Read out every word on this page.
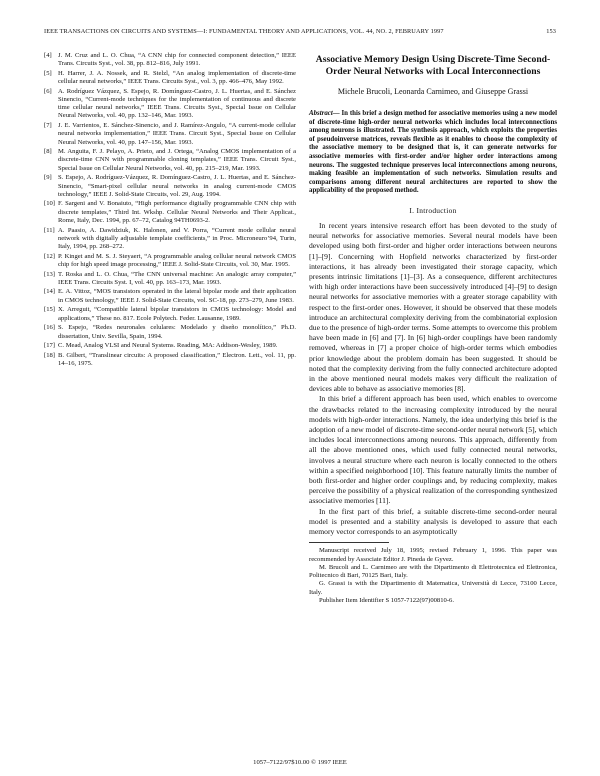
IEEE TRANSACTIONS ON CIRCUITS AND SYSTEMS—I: FUNDAMENTAL THEORY AND APPLICATIONS, VOL. 44, NO. 2, FEBRUARY 1997	153
[4] J. M. Cruz and L. O. Chua, “A CNN chip for connected component detection,” IEEE Trans. Circuits Syst., vol. 38, pp. 812–816, July 1991.
[5] H. Harrer, J. A. Nossek, and R. Stelzl, “An analog implementation of discrete-time cellular neural networks,” IEEE Trans. Circuits Syst., vol. 3, pp. 466–476, May 1992.
[6] A. Rodríguez Vázquez, S. Espejo, R. Domínguez-Castro, J. L. Huertas, and E. Sánchez Sinencio, “Current-mode techniques for the implementation of continuous and discrete time cellular neural networks,” IEEE Trans. Circuits Syst., Special Issue on Cellular Neural Networks, vol. 40, pp. 132–146, Mar. 1993.
[7] J. E. Varrientos, E. Sánchez-Sinencio, and J. Ramírez-Angulo, “A current-mode cellular neural networks implementation,” IEEE Trans. Circuit Syst., Special Issue on Cellular Neural Networks, vol. 40, pp. 147–156, Mar. 1993.
[8] M. Anguita, F. J. Pelayo, A. Prieto, and J. Ortega, “Analog CMOS implementation of a discrete-time CNN with programmable cloning templates,” IEEE Trans. Circuit Syst., Special Issue on Cellular Neural Networks, vol. 40, pp. 215–219, Mar. 1993.
[9] S. Espejo, A. Rodríguez-Vázquez, R. Domínguez-Castro, J. L. Huertas, and E. Sánchez-Sinencio, “Smart-pixel cellular neural networks in analog current-mode CMOS technology,” IEEE J. Solid-State Circuits, vol. 29, Aug. 1994.
[10] F. Sargeni and V. Bonaiuto, “High performance digitally programmable CNN chip with discrete templates,” Third Int. Wkshp. Cellular Neural Networks and Their Applicat., Rome, Italy, Dec. 1994, pp. 67–72, Catalog 94TH0693-2.
[11] A. Paasio, A. Dawidziuk, K. Halonen, and V. Porra, “Current mode cellular neural network with digitally adjustable template coefficients,” in Proc. Microneuro’94, Turin, Italy, 1994, pp. 268–272.
[12] P. Kinget and M. S. J. Steyaert, “A programmable analog cellular neural network CMOS chip for high speed image processing,” IEEE J. Solid-State Circuits, vol. 30, Mar. 1995.
[13] T. Roska and L. O. Chua, “The CNN universal machine: An analogic array computer,” IEEE Trans. Circuits Syst. I, vol. 40, pp. 163–173, Mar. 1993.
[14] E. A. Vittoz, “MOS transistors operated in the lateral bipolar mode and their application in CMOS technology,” IEEE J. Solid-State Circuits, vol. SC-18, pp. 273–279, June 1983.
[15] X. Arreguit, “Compatible lateral bipolar transistors in CMOS technology: Model and applications,” These no. 817. Ecole Polytech. Feder. Lausanne, 1989.
[16] S. Espejo, “Redes neuronales celulares: Modelado y diseño monolítico,” Ph.D. dissertation, Univ. Sevilla, Spain, 1994.
[17] C. Mead, Analog VLSI and Neural Systems. Reading, MA: Addison-Wesley, 1989.
[18] B. Gilbert, “Translinear circuits: A proposed classification,” Electron. Lett., vol. 11, pp. 14–16, 1975.
Associative Memory Design Using Discrete-Time Second-Order Neural Networks with Local Interconnections
Michele Brucoli, Leonarda Carnimeo, and Giuseppe Grassi
Abstract— In this brief a design method for associative memories using a new model of discrete-time high-order neural networks which includes local interconnections among neurons is illustrated. The synthesis approach, which exploits the properties of pseudoinverse matrices, reveals flexible as it enables to choose the complexity of the associative memory to be designed that is, it can generate networks for associative memories with first-order and/or higher order interactions among neurons. The suggested technique preserves local interconnections among neurons, making feasible an implementation of such networks. Simulation results and comparisons among different neural architectures are reported to show the applicability of the proposed method.
I. Introduction

In recent years intensive research effort has been devoted to the study of neural networks for associative memories. Several neural models have been developed using both first-order and higher order interactions between neurons [1]–[9]. Concerning with Hopfield networks characterized by first-order interactions, it has already been investigated their storage capacity, which presents intrinsic limitations [1]–[3]. As a consequence, different architectures with high order interactions have been successively introduced [4]–[9] to design neural networks for associative memories with a greater storage capability with respect to the first-order ones. However, it should be observed that these models introduce an architectural complexity deriving from the combinatorial explosion due to the presence of high-order terms. Some attempts to overcome this problem have been made in [6] and [7]. In [6] high-order couplings have been randomly removed, whereas in [7] a proper choice of high-order terms which embodies prior knowledge about the problem domain has been suggested. It should be noted that the complexity deriving from the fully connected architecture adopted in the above mentioned neural models makes very difficult the realization of devices able to behave as associative memories [8].

In this brief a different approach has been used, which enables to overcome the drawbacks related to the increasing complexity introduced by the neural models with high-order interactions. Namely, the idea underlying this brief is the adoption of a new model of discrete-time second-order neural network [5], which includes local interconnections among neurons. This approach, differently from all the above mentioned ones, which used fully connected neural networks, involves a neural structure where each neuron is locally connected to the others within a specified neighborhood [10]. This feature naturally limits the number of both first-order and higher order couplings and, by reducing complexity, makes perceive the possibility of a physical realization of the corresponding synthesized associative memories [11].

In the first part of this brief, a suitable discrete-time second-order neural model is presented and a stability analysis is developed to assure that each memory vector corresponds to an asymptotically

Manuscript received July 18, 1995; revised February 1, 1996. This paper was recommended by Associate Editor J. Pineda de Gyvez.

M. Brucoli and L. Carnimeo are with the Dipartimento di Elettrotecnica ed Elettronica, Politecnico di Bari, 70125 Bari, Italy.

G. Grassi is with the Dipartimento di Matematica, Università di Lecce, 73100 Lecce, Italy.

Publisher Item Identifier S 1057-7122(97)00810-6.

1057–7122/97$10.00 © 1997 IEEE
